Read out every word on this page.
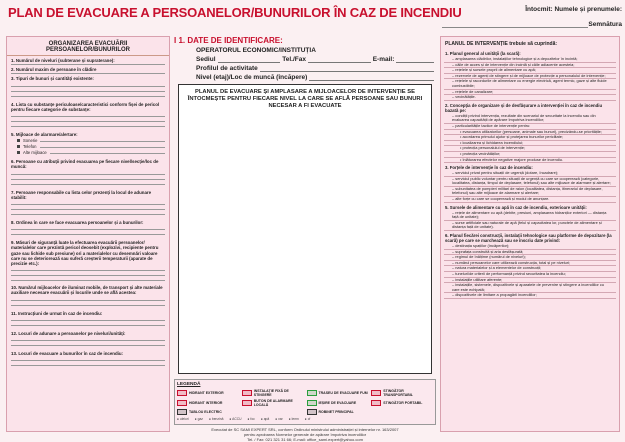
PLAN DE EVACUARE A PERSOANELOR/BUNURILOR ÎN CAZ DE INCENDIU	Întocmit: Numele și prenumele:
Semnătura
ORGANIZAREA EVACUĂRII PERSOANELOR/BUNURILOR
1. Numărul de niveluri (subterane și supraterane):
2. Numărul maxim de persoane în clădire
3. Tipuri de bunuri și cantități existente:
4. Lista cu substanțe periculoase/caracteristici conform fișei de pericol pentru fiecare categorie de substanțe:
5. Mijloace de alarmare/alertare:
Sonerie
Telefon
Alte mijloace
6. Persoane cu atribuții privind evacuarea pe fiecare nivel/secție/loc de muncă:
7. Persoane responsabile cu lista celor prezenți la locul de adunare stabilit:
8. Ordinea în care se face evacuarea persoanelor și a bunurilor:
9. Măsuri de siguranță luate la efectuarea evacuării persoanelor/ materialelor care prezintă pericol deosebit (explozivi, recipiente pentru gaze sau lichide sub presiune) ori a materialelor cu desemnări valoare care nu se deteriorează sau suferă creșterii temperaturii (aparate de precizie etc.):
10. Numărul mijloacelor de iluminat mobile, de transport și alte materiale auxiliare necesare evacuării și locurile unde se află acestea:
11. Instrucțiuni de urmat în caz de incendiu:
12. Locuri de adunare a persoanelor pe niveluri/unități:
13. Locuri de evacuare a bunurilor în caz de incendiu:
I 1. DATE DE IDENTIFICARE:
OPERATORUL ECONOMIC/INSTITUȚIA
Sediul	Tel./Fax	E-mail:
Profilul de activitate
Nivel (etaj)/Loc de muncă (încăpere)
PLANUL DE EVACUARE ȘI AMPLASARE A MIJLOACELOR DE INTERVENȚIE SE ÎNTOCMEȘTE PENTRU FIECARE NIVEL LA CARE SE AFLĂ PERSOANE SAU BUNURI NECESAR A FI EVACUATE
LEGENDĂ
HIDRANT EXTERIOR	INSTALAȚIE FIXĂ DE STINGERE	TRASEU DE EVACUARE FUM	STINGĂTOR TRANSPORTABIL
HIDRANT INTERIOR	BUTON DE ALARMARE LOCALĂ	IEȘIRE DE EVACUARE	STINGĂTOR PORTABIL
TABLOU ELECTRIC	ROBINET PRINCIPAL
● uleiuri ● gaz ● benzină ● ACCU ● foc ● apă ● var ● lemn ● cf
Executat de SC SAMI EXPERT SRL, conform Ordinului ministrului administrației și internelor nr. 163/2007
pentru aprobarea Normelor generale de apărare împotriva incendiilor
Tel. / Fax: 021 321 31 66; E-mail: office_sami.expert@yahoo.com
PLANUL DE INTERVENȚIE trebuie să cuprindă:
1. Planul general al unității (la scară):
– amplasarea clădirilor, instalațiilor tehnologice și a depozitelor în incintă;
– căile de acces și de intervenție din incintă și căile adiacente acesteia;
– rețelele și sursele proprii de alimentare cu apă;
– rezervele de agenți de stingere și de mijloace de protecție a personalului de intervenție;
– rețelele și racordurile de alimentare cu energie electrică, agent termic, gaze și alte fluide combustibile;
– rețelele de canalizare;
– vecinătățile.
2. Concepția de organizare și de desfășurare a intervenției în caz de incendiu bazată pe:
– condiții privind intervenția, rezultate din scenariul de securitate la incendiu sau din evaluarea capacității de apărare împotriva incendiilor;
– particularitățile tactice de intervenție pentru:
• evacuarea utilizatorilor (persoane, animale sau bunuri), precizându-se prioritățile;
• acordarea primului ajutor și protejarea bunurilor periclitate;
• localizarea și lichidarea incendiului;
• protecția personalului de intervenție;
• protecția vecinătăților;
• înlăturarea efectelor negative majore produse de incendiu.
3. Forțele de intervenție în caz de incendiu:
– serviciul privat pentru situații de urgență (dotare, încadrare);
– serviciul public voluntar pentru situații de urgență cu care se cooperează (categorie, localitatea, distanța, timpul de deplasare, telefonul) sau alte mijloace de alarmare și alertare;
– subunitatea de pompieri militari de raion (localitatea, distanța, itinerariul de deplasare, telefonul) sau alte mijloace de alarmare și alertare;
– alte forțe cu care se cooperează și modul de anunțare.
5. Sursele de alimentare cu apă în caz de incendiu, exterioare unității:
– rețele de alimentare cu apă (debite, presiuni, amplasarea hidranților exteriori — distanța față de unitate);
– surse artificiale sau naturale de apă (felul și capacitatea lor, punctele de alimentare și distanța față de unitate).
6. Planul fiecărei construcții, instalații tehnologice sau platforme de depozitare (la scară) pe care se marchează sau se înscriu date privind:
– destinația spațiilor (încăperilor);
– suprafața construită și aria desfășurată;
– regimul de înălțime (numărul de niveluri);
– numărul persoanelor care utilizează construcția, total și pe niveluri;
– natura materialelor și a elementelor de construcții;
– tuneluri/de criterii de performanță privind securitatea la incendiu;
– instalațiile utilitare aferente;
– instalațiile, sistemele, dispozitivele și aparatele de prevenire și stingere a incendiilor cu care este echipată;
– dispozitivele de limitare a propagării incendiilor;
